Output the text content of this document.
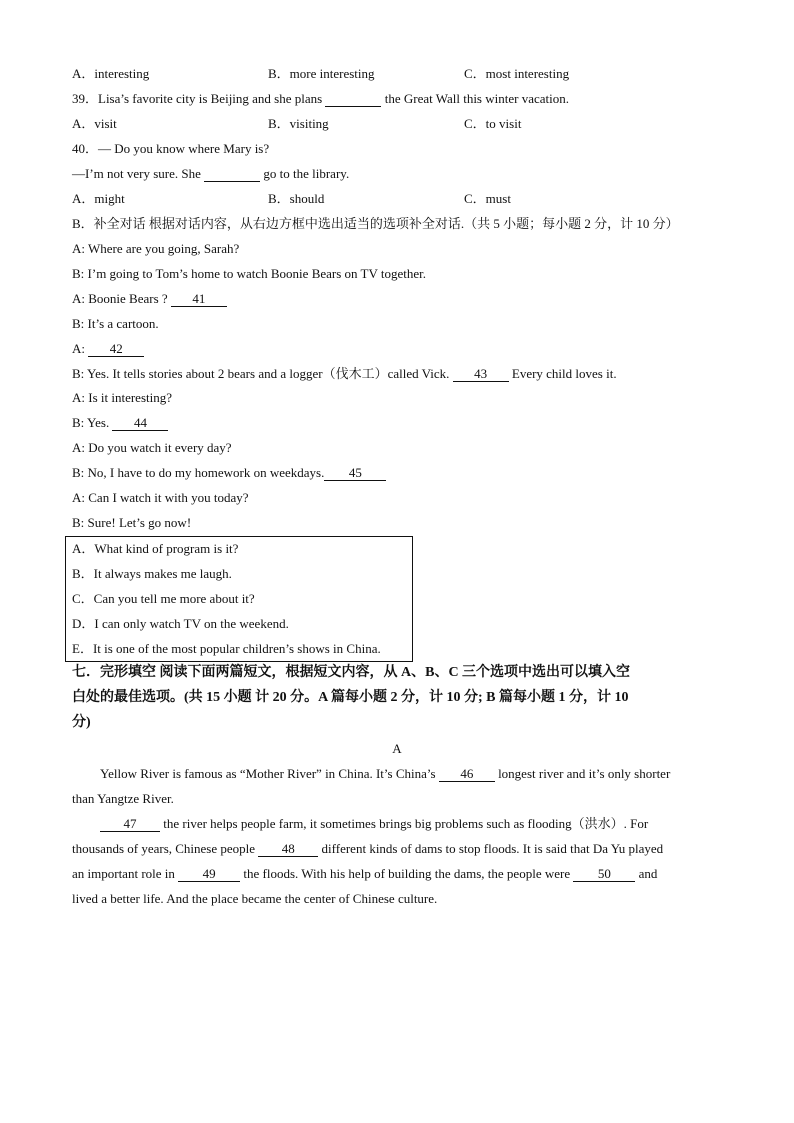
A．interesting	B．more interesting	C．most interesting
39．Lisa’s favorite city is Beijing and she plans	the Great Wall this winter vacation.
A．visit	B．visiting	C．to visit
40．— Do you know where Mary is?
—I’m not very sure. She	go to the library.
A．might	B．should	C．must
B．补全对话 根据对话内容，从右边方框中选出适当的选项补全对话.（共 5 小题；每小题 2 分，计 10 分）
A: Where are you going, Sarah?
B: I’m going to Tom’s home to watch Boonie Bears on TV together.
A: Boonie Bears ? 41
B: It’s a cartoon.
A: 42
B: Yes. It tells stories about 2 bears and a logger（伐木工）called Vick. 43 Every child loves it.
A: Is it interesting?
B: Yes. 44
A: Do you watch it every day?
B: No, I have to do my homework on weekdays. 45
A: Can I watch it with you today?
B: Sure! Let’s go now!
A．What kind of program is it?
B．It always makes me laugh.
C．Can you tell me more about it?
D．I can only watch TV on the weekend.
E．It is one of the most popular children’s shows in China.
七．完形填空 阅读下面两篇短文，根据短文内容，从 A、B、C 三个选项中选出可以填入空
白处的最佳选项。(共 15 小题 计 20 分。A 篇每小题 2 分，计 10 分; B 篇每小题 1 分，计 10
分)
A
Yellow River is famous as “Mother River” in China. It’s China’s 46 longest river and it’s only shorter
than Yangtze River.
47 the river helps people farm, it sometimes brings big problems such as flooding（洪水）. For
thousands of years, Chinese people 48 different kinds of dams to stop floods. It is said that Da Yu played
an important role in 49 the floods. With his help of building the dams, the people were 50 and
lived a better life. And the place became the center of Chinese culture.
